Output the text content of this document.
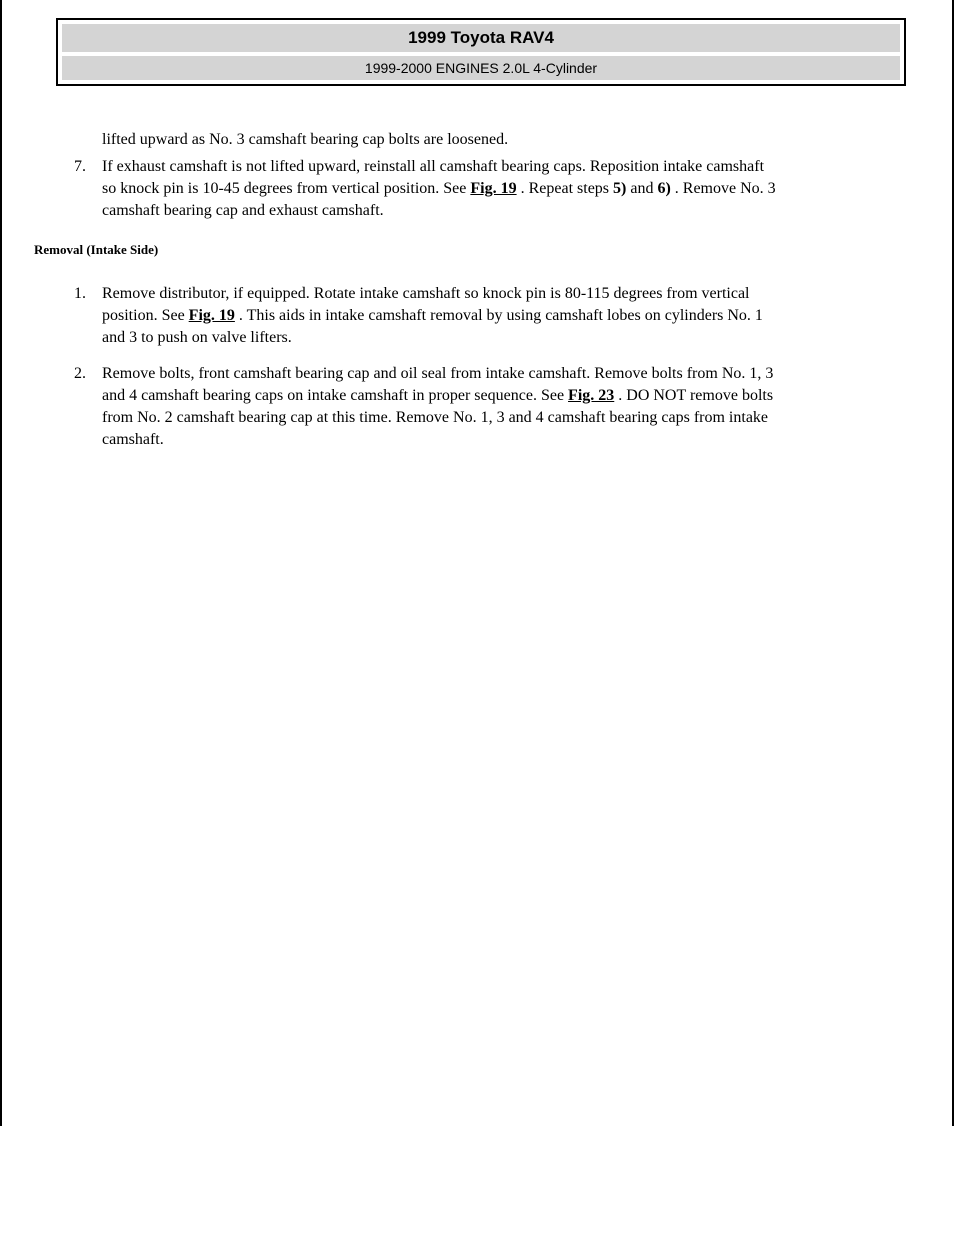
1999 Toyota RAV4
1999-2000 ENGINES 2.0L 4-Cylinder
lifted upward as No. 3 camshaft bearing cap bolts are loosened.
7. If exhaust camshaft is not lifted upward, reinstall all camshaft bearing caps. Reposition intake camshaft
so knock pin is 10-45 degrees from vertical position. See Fig. 19 . Repeat steps 5) and 6) . Remove No. 3
camshaft bearing cap and exhaust camshaft.
Removal (Intake Side)
1. Remove distributor, if equipped. Rotate intake camshaft so knock pin is 80-115 degrees from vertical
position. See Fig. 19 . This aids in intake camshaft removal by using camshaft lobes on cylinders No. 1
and 3 to push on valve lifters.
2. Remove bolts, front camshaft bearing cap and oil seal from intake camshaft. Remove bolts from No. 1, 3
and 4 camshaft bearing caps on intake camshaft in proper sequence. See Fig. 23 . DO NOT remove bolts
from No. 2 camshaft bearing cap at this time. Remove No. 1, 3 and 4 camshaft bearing caps from intake
camshaft.
